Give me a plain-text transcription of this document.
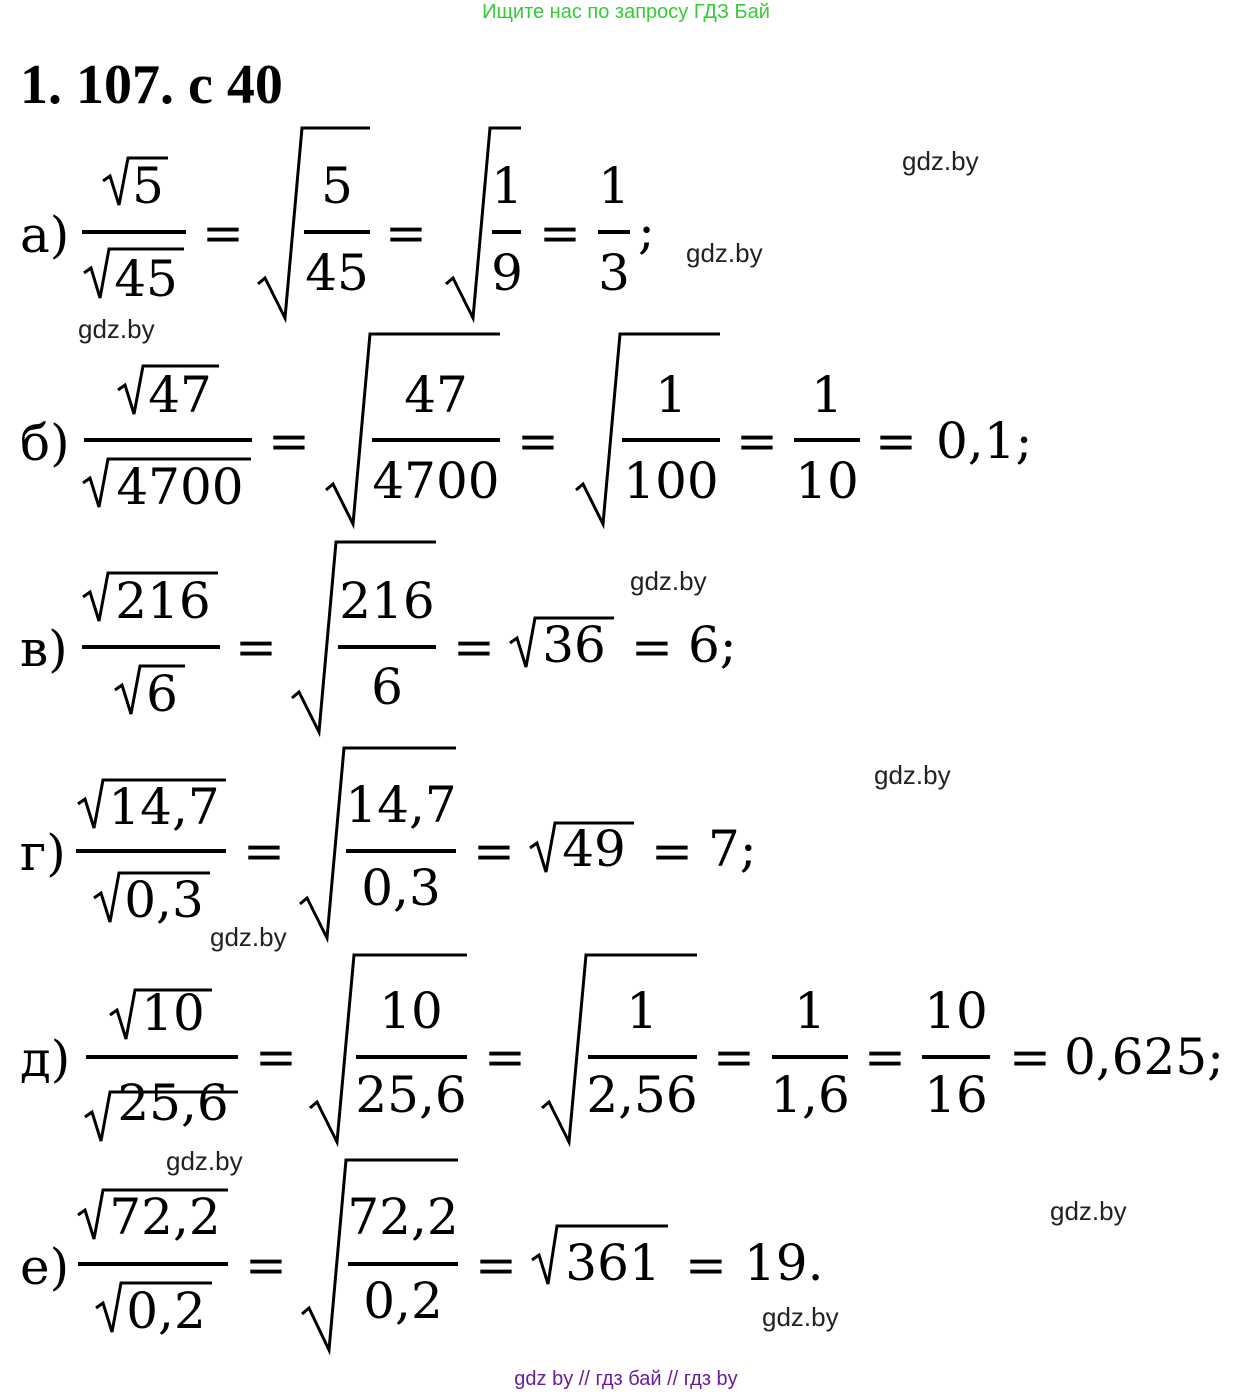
Ищите нас по запросу ГДЗ Бай
1. 107. с 40
gdz.by
gdz.by
gdz.by
gdz.by
gdz.by
gdz.by
gdz.by
gdz.by
gdz.by
а)
5
45
=
5
45
=
1
9
=
1
3
;
б)
47
4700
=
47
4700
=
1
100
=
1
10
= 0,1;
в)
216
6
=
216
6
= 36 = 6;
г)
14,7
0,3
=
14,7
0,3
= 49 = 7;
д)
10
25,6
=
10
25,6
=
1
2,56
=
1
1,6
=
10
16
= 0,625;
е)
72,2
0,2
=
72,2
0,2
= 361 = 19.
gdz by // гдз бай // гдз by
